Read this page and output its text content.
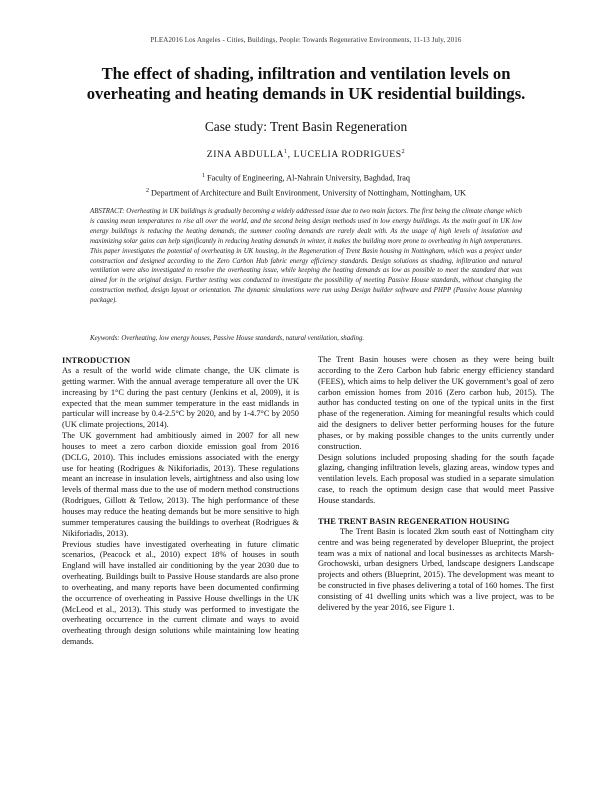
PLEA2016 Los Angeles - Cities, Buildings, People: Towards Regenerative Environments, 11-13 July, 2016
The effect of shading, infiltration and ventilation levels on overheating and heating demands in UK residential buildings.
Case study: Trent Basin Regeneration
ZINA ABDULLA$^1$, LUCELIA RODRIGUES$^2$
$^1$ Faculty of Engineering, Al-Nahrain University, Baghdad, Iraq
$^2$ Department of Architecture and Built Environment, University of Nottingham, Nottingham, UK
ABSTRACT: Overheating in UK buildings is gradually becoming a widely addressed issue due to two main factors. The first being the climate change which is causing mean temperatures to rise all over the world, and the second being design methods used in low energy buildings. As the main goal in UK low energy buildings is reducing the heating demands, the summer cooling demands are rarely dealt with. As the usage of high levels of insulation and maximizing solar gains can help significantly in reducing heating demands in winter, it makes the building more prone to overheating in high temperatures. This paper investigates the potential of overheating in UK housing, in the Regeneration of Trent Basin housing in Nottingham, which was a project under construction and designed according to the Zero Carbon Hub fabric energy efficiency standards. Design solutions as shading, infiltration and natural ventilation were also investigated to resolve the overheating issue, while keeping the heating demands as low as possible to meet the standard that was aimed for in the original design. Further testing was conducted to investigate the possibility of meeting Passive House standards, without changing the construction method, design layout or orientation. The dynamic simulations were run using Design builder software and PHPP (Passive house planning package).
Keywords: Overheating, low energy houses, Passive House standards, natural ventilation, shading.
INTRODUCTION

As a result of the world wide climate change, the UK climate is getting warmer. With the annual average temperature all over the UK increasing by 1°C during the past century (Jenkins et al, 2009), it is expected that the mean summer temperature in the east midlands in particular will increase by 0.4-2.5°C by 2020, and by 1-4.7°C by 2050 (UK climate projections, 2014).

The UK government had ambitiously aimed in 2007 for all new houses to meet a zero carbon dioxide emission goal from 2016 (DCLG, 2010). This includes emissions associated with the energy use for heating (Rodrigues & Nikiforiadis, 2013). These regulations meant an increase in insulation levels, airtightness and also using low levels of thermal mass due to the use of modern method constructions (Rodrigues, Gillott & Tetlow, 2013). The high performance of these houses may reduce the heating demands but be more sensitive to high summer temperatures causing the buildings to overheat (Rodrigues & Nikiforiadis, 2013).

Previous studies have investigated overheating in future climatic scenarios, (Peacock et al., 2010) expect 18% of houses in south England will have installed air conditioning by the year 2030 due to overheating. Buildings built to Passive House standards are also prone to overheating, and many reports have been documented confirming the occurrence of overheating in Passive House dwellings in the UK (McLeod et al., 2013). This study was performed to investigate the overheating occurrence in the current climate and ways to avoid overheating through design solutions while maintaining low heating demands.

The Trent Basin houses were chosen as they were being built according to the Zero Carbon hub fabric energy efficiency standard (FEES), which aims to help deliver the UK government’s goal of zero carbon emission homes from 2016 (Zero carbon hub, 2015). The author has conducted testing on one of the typical units in the first phase of the regeneration. Aiming for meaningful results which could aid the designers to deliver better performing houses for the future phases, or by making possible changes to the units currently under construction.

Design solutions included proposing shading for the south façade glazing, changing infiltration levels, glazing areas, window types and ventilation levels. Each proposal was studied in a separate simulation case, to reach the optimum design case that would meet Passive House standards.

THE TRENT BASIN REGENERATION HOUSING

The Trent Basin is located 2km south east of Nottingham city centre and was being regenerated by developer Blueprint, the project team was a mix of national and local businesses as architects Marsh-Grochowski, urban designers Urbed, landscape designers Landscape projects and others (Blueprint, 2015). The development was meant to be constructed in five phases delivering a total of 160 homes. The first consisting of 41 dwelling units which was a live project, was to be delivered by the year 2016, see Figure 1.
